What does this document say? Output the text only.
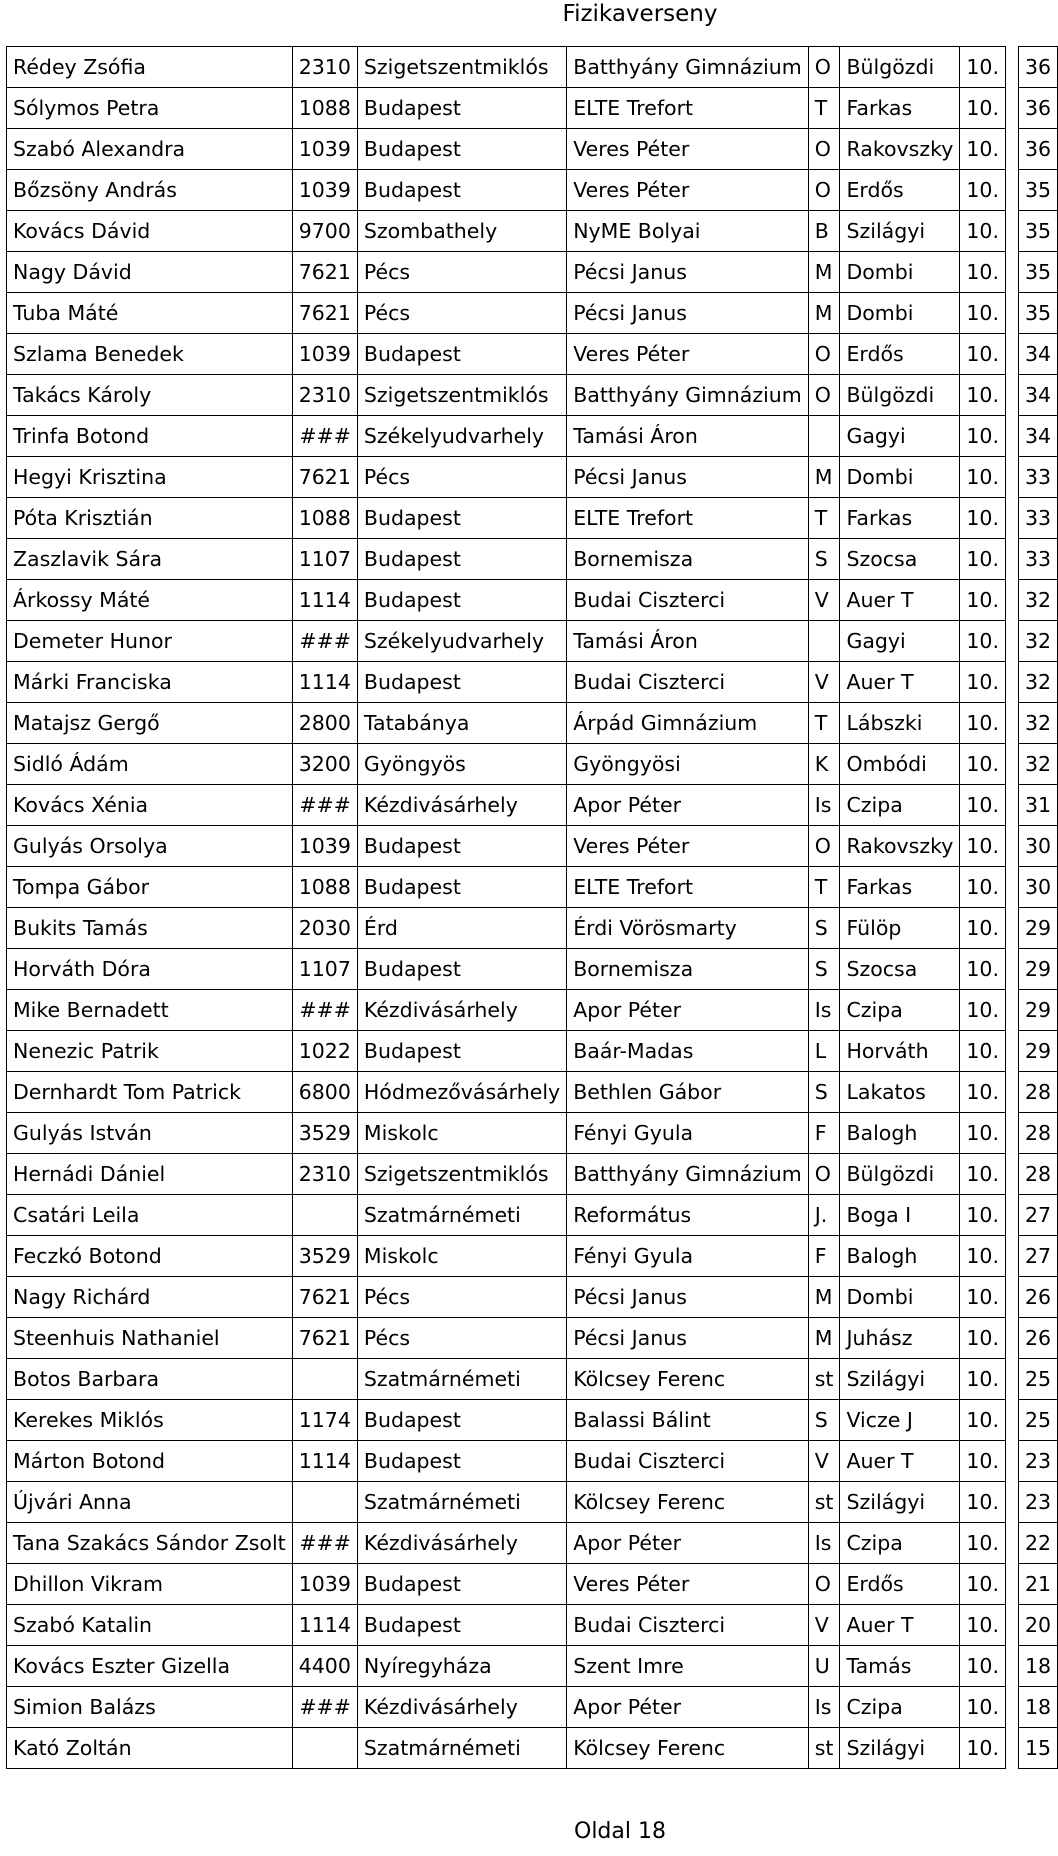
Fizikaverseny
Rédey Zsófia	2310	Szigetszentmiklós	Batthyány Gimnázium	O	Bülgözdi	10.		36
Sólymos Petra	1088	Budapest	ELTE Trefort	T	Farkas	10.		36
Szabó Alexandra	1039	Budapest	Veres Péter	O	Rakovszky	10.		36
Bőzsöny András	1039	Budapest	Veres Péter	O	Erdős	10.		35
Kovács Dávid	9700	Szombathely	NyME Bolyai	B	Szilágyi	10.		35
Nagy Dávid	7621	Pécs	Pécsi Janus	M	Dombi	10.		35
Tuba Máté	7621	Pécs	Pécsi Janus	M	Dombi	10.		35
Szlama Benedek	1039	Budapest	Veres Péter	O	Erdős	10.		34
Takács Károly	2310	Szigetszentmiklós	Batthyány Gimnázium	O	Bülgözdi	10.		34
Trinfa Botond	###	Székelyudvarhely	Tamási Áron		Gagyi	10.		34
Hegyi Krisztina	7621	Pécs	Pécsi Janus	M	Dombi	10.		33
Póta Krisztián	1088	Budapest	ELTE Trefort	T	Farkas	10.		33
Zaszlavik Sára	1107	Budapest	Bornemisza	S	Szocsa	10.		33
Árkossy Máté	1114	Budapest	Budai Ciszterci	V	Auer T	10.		32
Demeter Hunor	###	Székelyudvarhely	Tamási Áron		Gagyi	10.		32
Márki Franciska	1114	Budapest	Budai Ciszterci	V	Auer T	10.		32
Matajsz Gergő	2800	Tatabánya	Árpád Gimnázium	T	Lábszki	10.		32
Sidló Ádám	3200	Gyöngyös	Gyöngyösi	K	Ombódi	10.		32
Kovács Xénia	###	Kézdivásárhely	Apor Péter	Is	Czipa	10.		31
Gulyás Orsolya	1039	Budapest	Veres Péter	O	Rakovszky	10.		30
Tompa Gábor	1088	Budapest	ELTE Trefort	T	Farkas	10.		30
Bukits Tamás	2030	Érd	Érdi Vörösmarty	S	Fülöp	10.		29
Horváth Dóra	1107	Budapest	Bornemisza	S	Szocsa	10.		29
Mike Bernadett	###	Kézdivásárhely	Apor Péter	Is	Czipa	10.		29
Nenezic Patrik	1022	Budapest	Baár-Madas	L	Horváth	10.		29
Dernhardt Tom Patrick	6800	Hódmezővásárhely	Bethlen Gábor	S	Lakatos	10.		28
Gulyás István	3529	Miskolc	Fényi Gyula	F	Balogh	10.		28
Hernádi Dániel	2310	Szigetszentmiklós	Batthyány Gimnázium	O	Bülgözdi	10.		28
Csatári Leila		Szatmárnémeti	Református	J.	Boga I	10.		27
Feczkó Botond	3529	Miskolc	Fényi Gyula	F	Balogh	10.		27
Nagy Richárd	7621	Pécs	Pécsi Janus	M	Dombi	10.		26
Steenhuis Nathaniel	7621	Pécs	Pécsi Janus	M	Juhász	10.		26
Botos Barbara		Szatmárnémeti	Kölcsey Ferenc	st	Szilágyi	10.		25
Kerekes Miklós	1174	Budapest	Balassi Bálint	S	Vicze J	10.		25
Márton Botond	1114	Budapest	Budai Ciszterci	V	Auer T	10.		23
Újvári Anna		Szatmárnémeti	Kölcsey Ferenc	st	Szilágyi	10.		23
Tana Szakács Sándor Zsolt	###	Kézdivásárhely	Apor Péter	Is	Czipa	10.		22
Dhillon Vikram	1039	Budapest	Veres Péter	O	Erdős	10.		21
Szabó Katalin	1114	Budapest	Budai Ciszterci	V	Auer T	10.		20
Kovács Eszter Gizella	4400	Nyíregyháza	Szent Imre	U	Tamás	10.		18
Simion Balázs	###	Kézdivásárhely	Apor Péter	Is	Czipa	10.		18
Kató Zoltán		Szatmárnémeti	Kölcsey Ferenc	st	Szilágyi	10.		15
Oldal 18
